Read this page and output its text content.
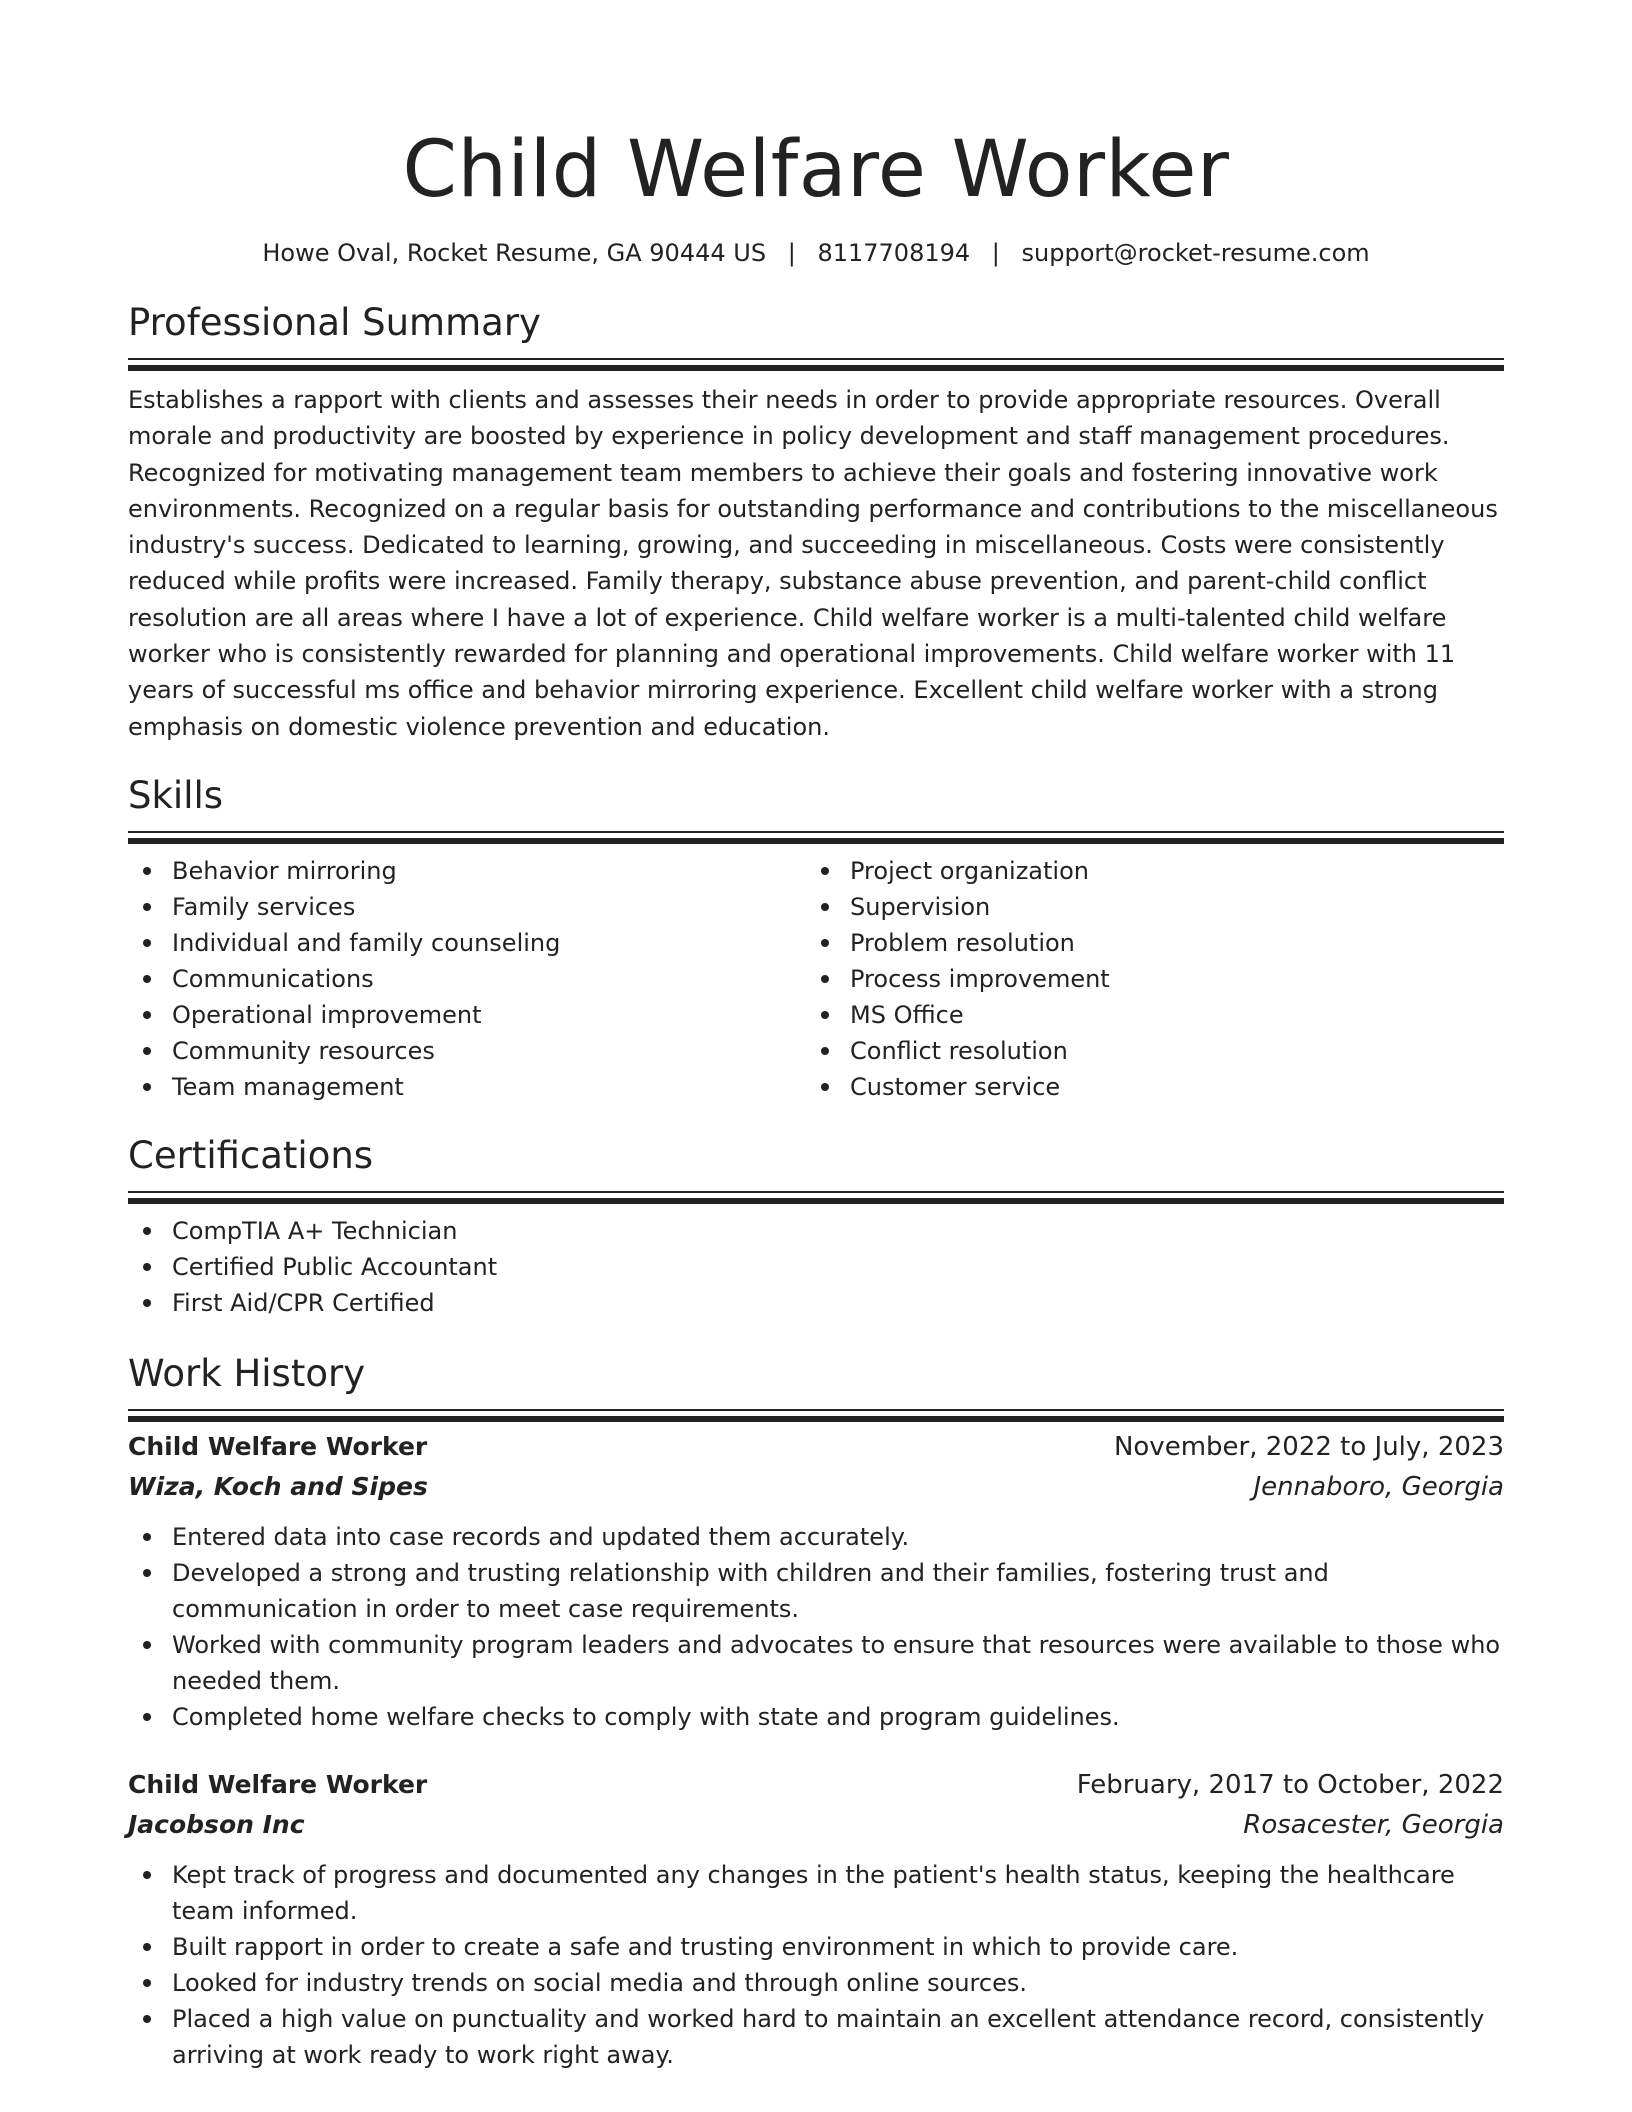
Child Welfare Worker
Howe Oval, Rocket Resume, GA 90444 US | 8117708194 | support@rocket-resume.com
Professional Summary
Establishes a rapport with clients and assesses their needs in order to provide appropriate resources. Overall morale and productivity are boosted by experience in policy development and staff management procedures. Recognized for motivating management team members to achieve their goals and fostering innovative work environments. Recognized on a regular basis for outstanding performance and contributions to the miscellaneous industry's success. Dedicated to learning, growing, and succeeding in miscellaneous. Costs were consistently reduced while profits were increased. Family therapy, substance abuse prevention, and parent-child conflict resolution are all areas where I have a lot of experience. Child welfare worker is a multi-talented child welfare worker who is consistently rewarded for planning and operational improvements. Child welfare worker with 11 years of successful ms office and behavior mirroring experience. Excellent child welfare worker with a strong emphasis on domestic violence prevention and education.
Skills
Behavior mirroring
Family services
Individual and family counseling
Communications
Operational improvement
Community resources
Team management
Project organization
Supervision
Problem resolution
Process improvement
MS Office
Conflict resolution
Customer service
Certifications
CompTIA A+ Technician
Certified Public Accountant
First Aid/CPR Certified
Work History
Child Welfare Worker	November, 2022 to July, 2023
Wiza, Koch and Sipes	Jennaboro, Georgia
Entered data into case records and updated them accurately.
Developed a strong and trusting relationship with children and their families, fostering trust and communication in order to meet case requirements.
Worked with community program leaders and advocates to ensure that resources were available to those who needed them.
Completed home welfare checks to comply with state and program guidelines.
Child Welfare Worker	February, 2017 to October, 2022
Jacobson Inc	Rosacester, Georgia
Kept track of progress and documented any changes in the patient's health status, keeping the healthcare team informed.
Built rapport in order to create a safe and trusting environment in which to provide care.
Looked for industry trends on social media and through online sources.
Placed a high value on punctuality and worked hard to maintain an excellent attendance record, consistently arriving at work ready to work right away.
